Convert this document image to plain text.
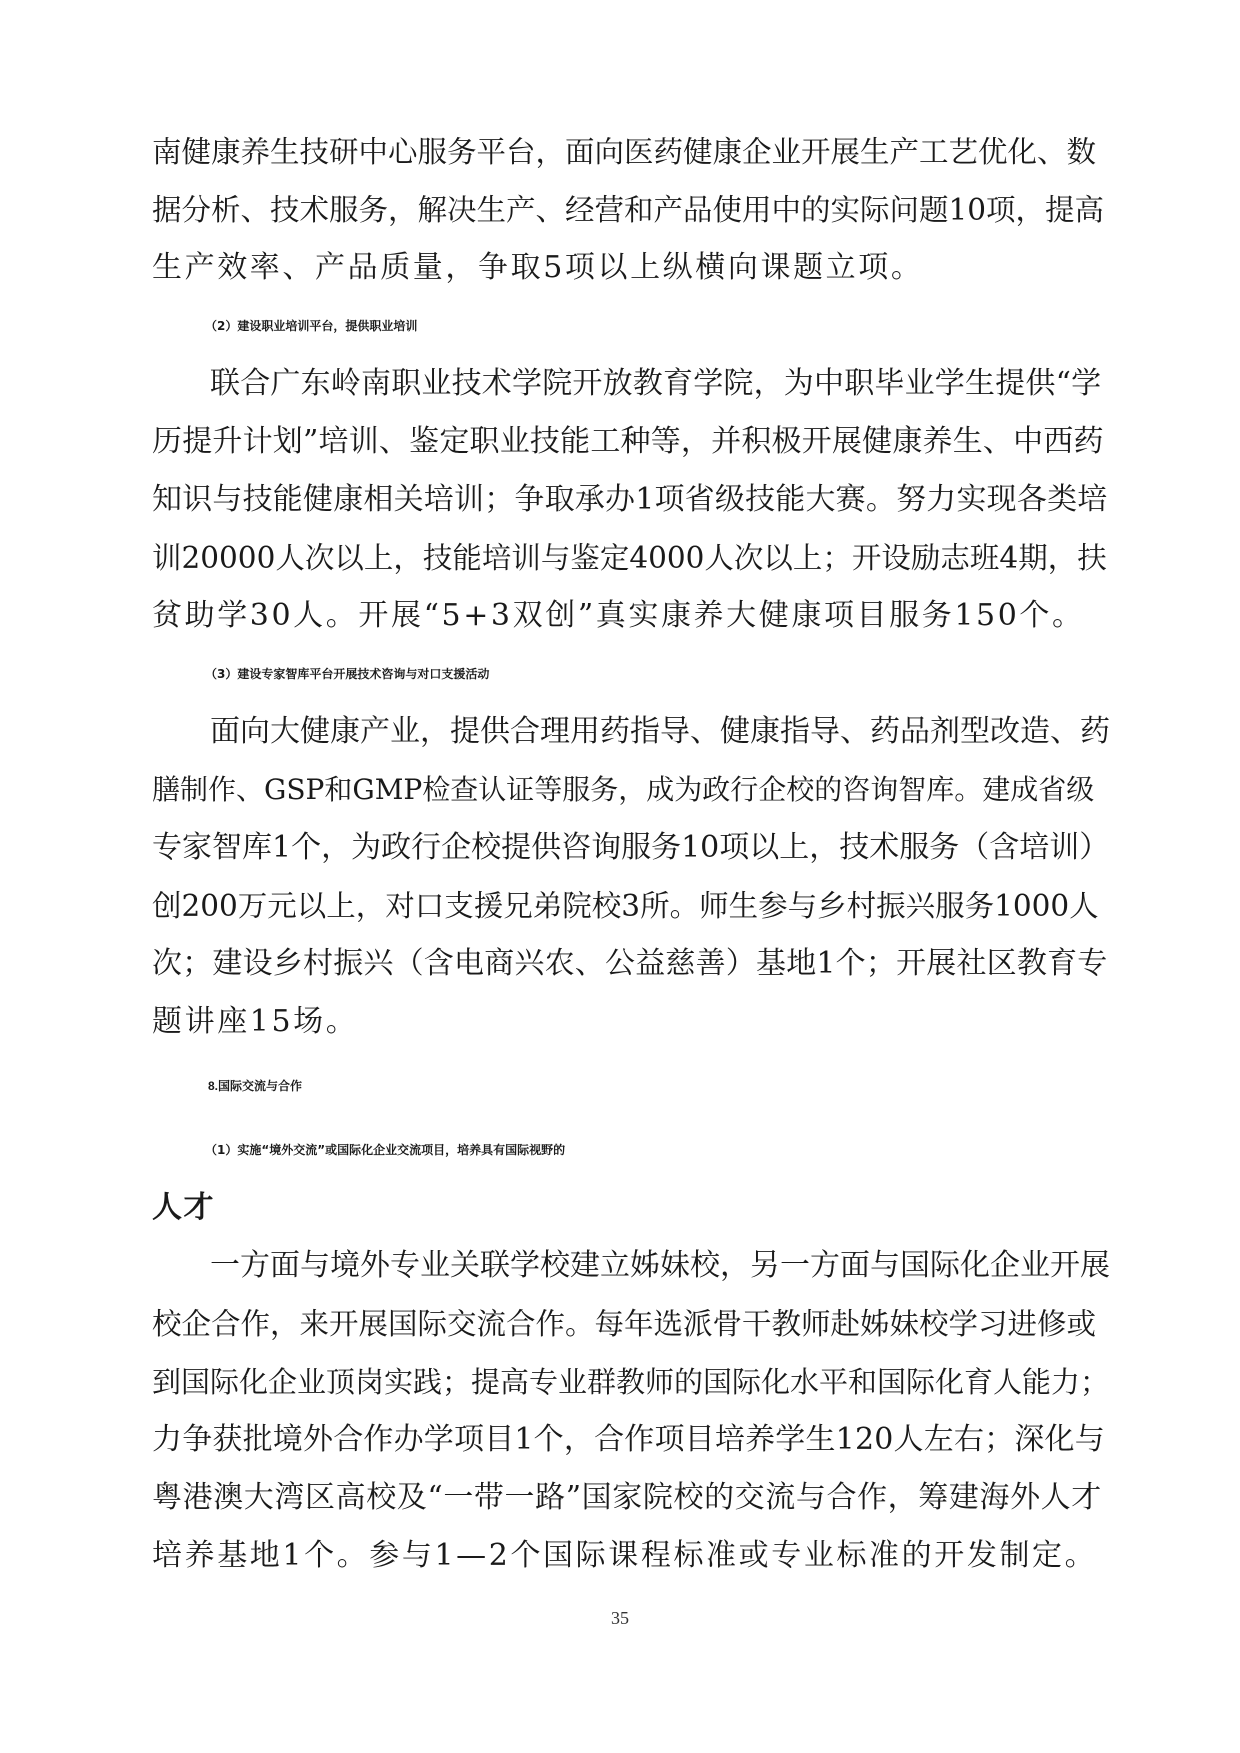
南健康养生技研中心服务平台，面向医药健康企业开展生产工艺优化、数
据分析、技术服务，解决生产、经营和产品使用中的实际问题10项，提高
生产效率、产品质量，争取5项以上纵横向课题立项。
（2）建设职业培训平台，提供职业培训
联合广东岭南职业技术学院开放教育学院，为中职毕业学生提供“学
历提升计划”培训、鉴定职业技能工种等，并积极开展健康养生、中西药
知识与技能健康相关培训；争取承办1项省级技能大赛。努力实现各类培
训20000人次以上，技能培训与鉴定4000人次以上；开设励志班4期，扶
贫助学30人。开展“5+3双创”真实康养大健康项目服务150个。
（3）建设专家智库平台开展技术咨询与对口支援活动
面向大健康产业，提供合理用药指导、健康指导、药品剂型改造、药
膳制作、GSP和GMP检查认证等服务，成为政行企校的咨询智库。建成省级
专家智库1个，为政行企校提供咨询服务10项以上，技术服务（含培训）
创200万元以上，对口支援兄弟院校3所。师生参与乡村振兴服务1000人
次；建设乡村振兴（含电商兴农、公益慈善）基地1个；开展社区教育专
题讲座15场。
8.国际交流与合作
（1）实施“境外交流”或国际化企业交流项目，培养具有国际视野的
人才
一方面与境外专业关联学校建立姊妹校，另一方面与国际化企业开展
校企合作，来开展国际交流合作。每年选派骨干教师赴姊妹校学习进修或
到国际化企业顶岗实践；提高专业群教师的国际化水平和国际化育人能力；
力争获批境外合作办学项目1个，合作项目培养学生120人左右；深化与
粤港澳大湾区高校及“一带一路”国家院校的交流与合作，筹建海外人才
培养基地1个。参与1—2个国际课程标准或专业标准的开发制定。
35
